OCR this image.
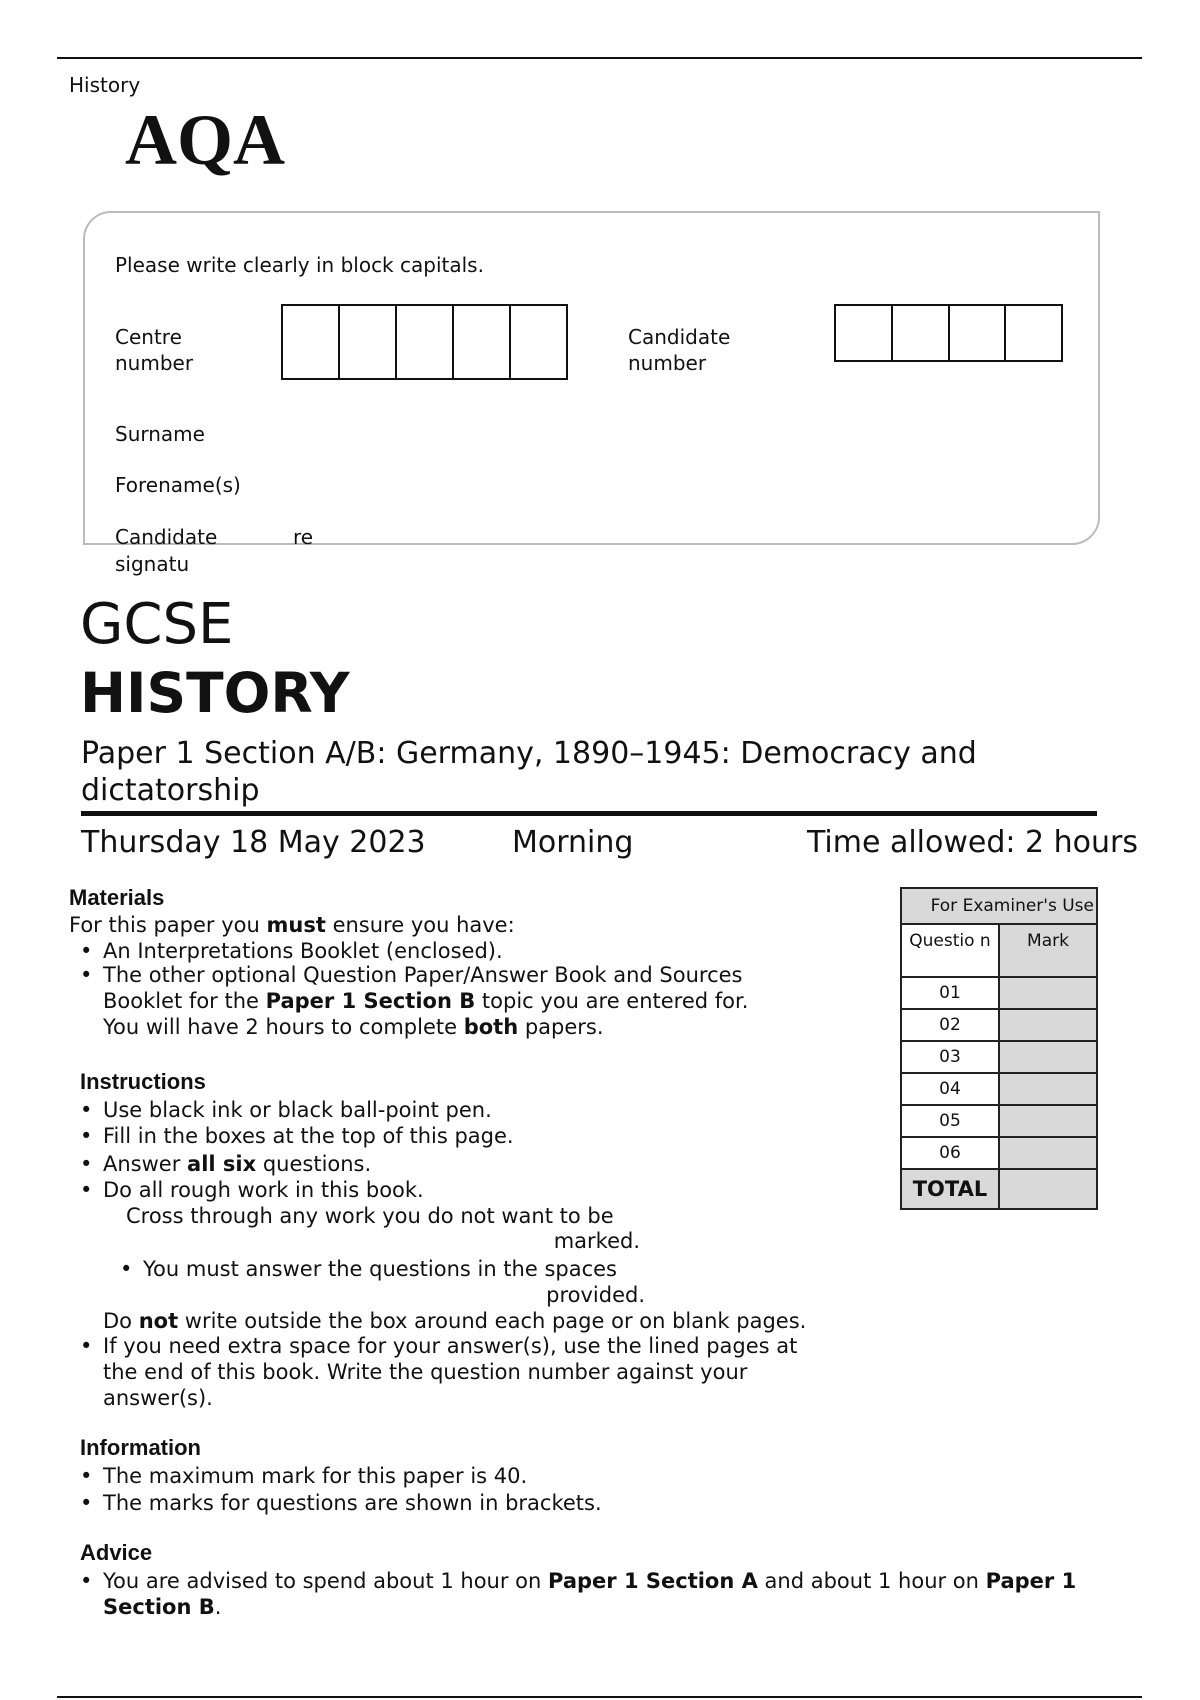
History
AQA
Please write clearly in block capitals.
Centre
number
Candidate
number
Surname
Forename(s)
Candidate	re
signatu
GCSE
HISTORY
Paper 1 Section A/B: Germany, 1890–1945: Democracy and
dictatorship
Thursday 18 May 2023	Morning	Time allowed: 2 hours
Materials
For this paper you must ensure you have:
• An Interpretations Booklet (enclosed).
• The other optional Question Paper/Answer Book and Sources
Booklet for the Paper 1 Section B topic you are entered for.
You will have 2 hours to complete both papers.
Instructions
• Use black ink or black ball-point pen.
• Fill in the boxes at the top of this page.
• Answer all six questions.
• Do all rough work in this book.
Cross through any work you do not want to be
marked.
• You must answer the questions in the spaces
provided.
Do not write outside the box around each page or on blank pages.
• If you need extra space for your answer(s), use the lined pages at
the end of this book. Write the question number against your
answer(s).
Information
• The maximum mark for this paper is 40.
• The marks for questions are shown in brackets.
Advice
• You are advised to spend about 1 hour on Paper 1 Section A and about 1 hour on Paper 1
Section B.
For Examiner's Use	
Questio n	Mark
01	
02	
03	
04	
05	
06	
TOTAL	
